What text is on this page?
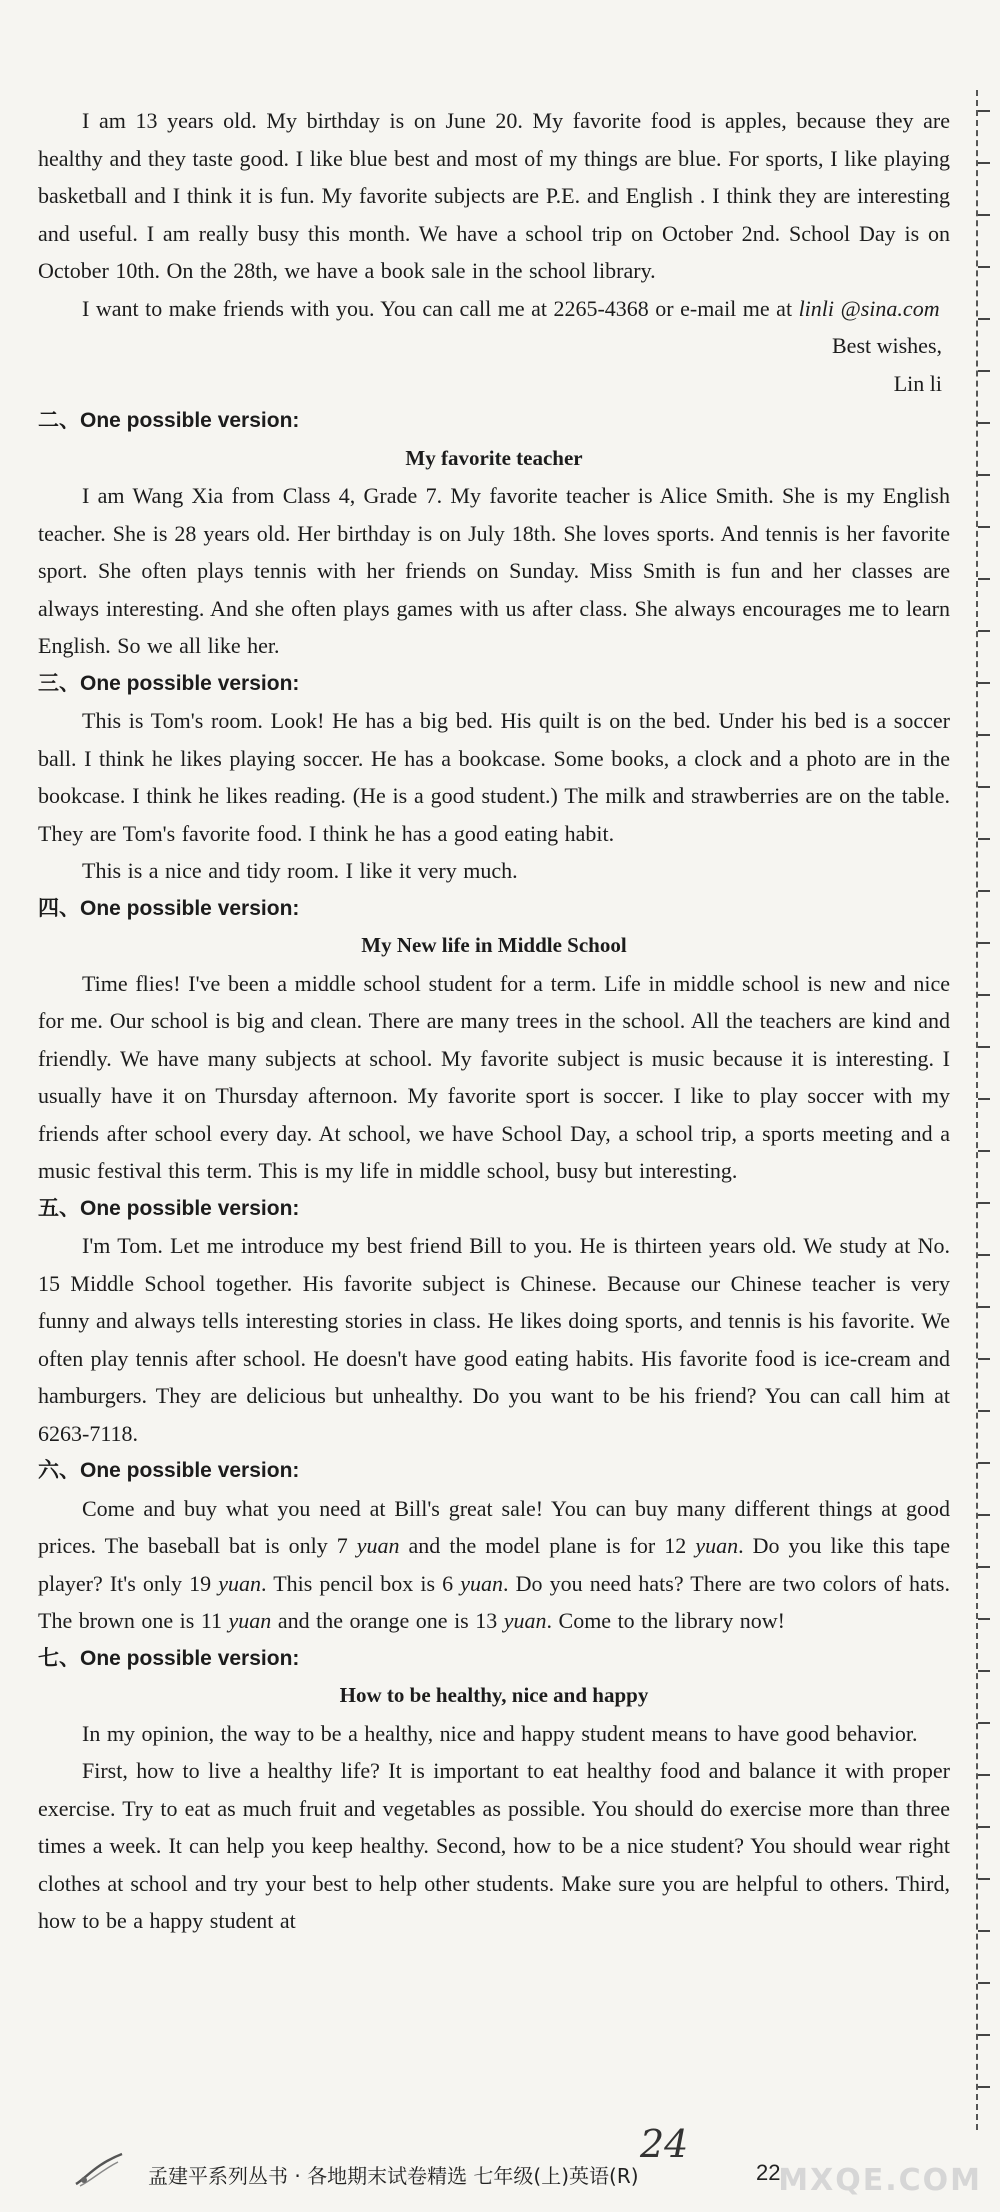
I am 13 years old. My birthday is on June 20. My favorite food is apples, because they are healthy and they taste good. I like blue best and most of my things are blue. For sports, I like playing basketball and I think it is fun. My favorite subjects are P.E. and English . I think they are interesting and useful. I am really busy this month. We have a school trip on October 2nd. School Day is on October 10th. On the 28th, we have a book sale in the school library.

I want to make friends with you. You can call me at 2265-4368 or e-mail me at linli @sina.com

Best wishes,

Lin li

二、One possible version:

My favorite teacher

I am Wang Xia from Class 4, Grade 7. My favorite teacher is Alice Smith. She is my English teacher. She is 28 years old. Her birthday is on July 18th. She loves sports. And tennis is her favorite sport. She often plays tennis with her friends on Sunday. Miss Smith is fun and her classes are always interesting. And she often plays games with us after class. She always encourages me to learn English. So we all like her.

三、One possible version:

This is Tom's room. Look! He has a big bed. His quilt is on the bed. Under his bed is a soccer ball. I think he likes playing soccer. He has a bookcase. Some books, a clock and a photo are in the bookcase. I think he likes reading. (He is a good student.) The milk and strawberries are on the table. They are Tom's favorite food. I think he has a good eating habit.

This is a nice and tidy room. I like it very much.

四、One possible version:

My New life in Middle School

Time flies! I've been a middle school student for a term. Life in middle school is new and nice for me. Our school is big and clean. There are many trees in the school. All the teachers are kind and friendly. We have many subjects at school. My favorite subject is music because it is interesting. I usually have it on Thursday afternoon. My favorite sport is soccer. I like to play soccer with my friends after school every day. At school, we have School Day, a school trip, a sports meeting and a music festival this term. This is my life in middle school, busy but interesting.

五、One possible version:

I'm Tom. Let me introduce my best friend Bill to you. He is thirteen years old. We study at No. 15 Middle School together. His favorite subject is Chinese. Because our Chinese teacher is very funny and always tells interesting stories in class. He likes doing sports, and tennis is his favorite. We often play tennis after school. He doesn't have good eating habits. His favorite food is ice-cream and hamburgers. They are delicious but unhealthy. Do you want to be his friend? You can call him at 6263-7118.

六、One possible version:

Come and buy what you need at Bill's great sale! You can buy many different things at good prices. The baseball bat is only 7 yuan and the model plane is for 12 yuan. Do you like this tape player? It's only 19 yuan. This pencil box is 6 yuan. Do you need hats? There are two colors of hats. The brown one is 11 yuan and the orange one is 13 yuan. Come to the library now!

七、One possible version:

How to be healthy, nice and happy

In my opinion, the way to be a healthy, nice and happy student means to have good behavior.

First, how to live a healthy life? It is important to eat healthy food and balance it with proper exercise. Try to eat as much fruit and vegetables as possible. You should do exercise more than three times a week. It can help you keep healthy. Second, how to be a nice student? You should wear right clothes at school and try your best to help other students. Make sure you are helpful to others. Third, how to be a happy student at

24
孟建平系列丛书 · 各地期末试卷精选 七年级(上)英语(R)	22
MXQE.COM
